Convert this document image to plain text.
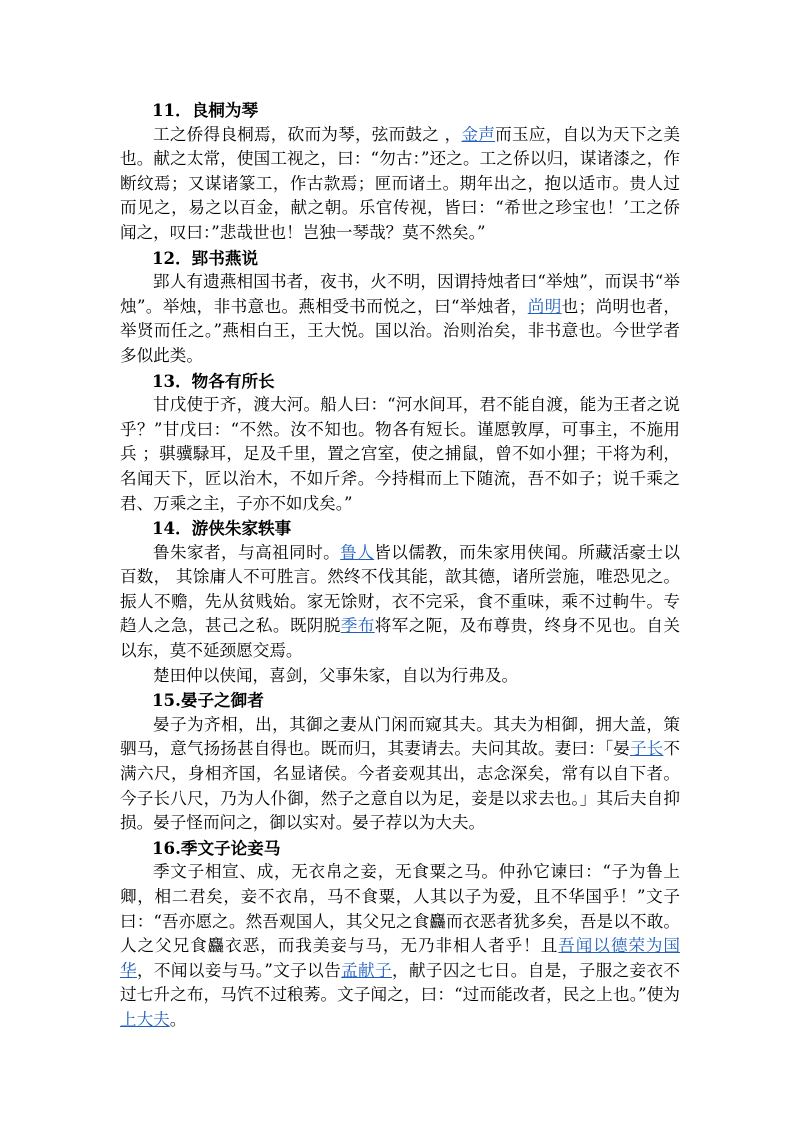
11．良桐为琴

工之侨得良桐焉，砍而为琴，弦而鼓之 ，金声而玉应，自以为天下之美也。献之太常，使国工视之，曰：“勿古：”还之。工之侨以归，谋诸漆之，作断纹焉；又谋诸篆工，作古款焉；匣而诸土。期年出之，抱以适市。贵人过而见之，易之以百金，献之朝。乐官传视，皆曰：“希世之珍宝也！’工之侨闻之，叹曰：”悲哉世也！岂独一琴哉？莫不然矣。”

12．郢书燕说

郢人有遗燕相国书者，夜书，火不明，因谓持烛者曰“举烛”，而误书“举烛”。举烛，非书意也。燕相受书而悦之，曰“举烛者，尚明也；尚明也者，举贤而任之。”燕相白王，王大悦。国以治。治则治矣，非书意也。今世学者多似此类。

13．物各有所长

甘戊使于齐，渡大河。船人曰：“河水间耳，君不能自渡，能为王者之说乎？”甘戊曰：“不然。汝不知也。物各有短长。谨愿敦厚，可事主，不施用兵 ；骐骥騄耳，足及千里，置之宫室，使之捕鼠，曾不如小狸；干将为利，名闻天下，匠以治木，不如斤斧。今持楫而上下随流，吾不如子；说千乘之君、万乘之主，子亦不如戊矣。”

14．游侠朱家轶事

鲁朱家者，与高祖同时。鲁人皆以儒教，而朱家用侠闻。所藏活豪士以百数， 其馀庸人不可胜言。然终不伐其能，歆其德，诸所尝施，唯恐见之。振人不赡，先从贫贱始。家无馀财，衣不完采，食不重味，乘不过軥牛。专趋人之急，甚己之私。既阴脱季布将军之阨，及布尊贵，终身不见也。自关以东，莫不延颈愿交焉。

楚田仲以侠闻，喜剑，父事朱家，自以为行弗及。

15.晏子之御者

晏子为齐相，出，其御之妻从门闲而窥其夫。其夫为相御，拥大盖，策驷马，意气扬扬甚自得也。既而归，其妻请去。夫问其故。妻曰：「晏子长不满六尺，身相齐国，名显诸侯。今者妾观其出，志念深矣，常有以自下者。今子长八尺，乃为人仆御，然子之意自以为足，妾是以求去也。」其后夫自抑损。晏子怪而问之，御以实对。晏子荐以为大夫。

16.季文子论妾马

季文子相宣、成，无衣帛之妾，无食粟之马。仲孙它谏曰：“子为鲁上卿，相二君矣，妾不衣帛，马不食粟，人其以子为爱，且不华国乎！”文子曰：“吾亦愿之。然吾观国人，其父兄之食麤而衣恶者犹多矣，吾是以不敢。人之父兄食麤衣恶，而我美妾与马，无乃非相人者乎！且吾闻以德荣为国华，不闻以妾与马。”文子以告孟献子，献子囚之七日。自是，子服之妾衣不过七升之布，马饩不过稂莠。文子闻之，曰：“过而能改者，民之上也。”使为上大夫。
